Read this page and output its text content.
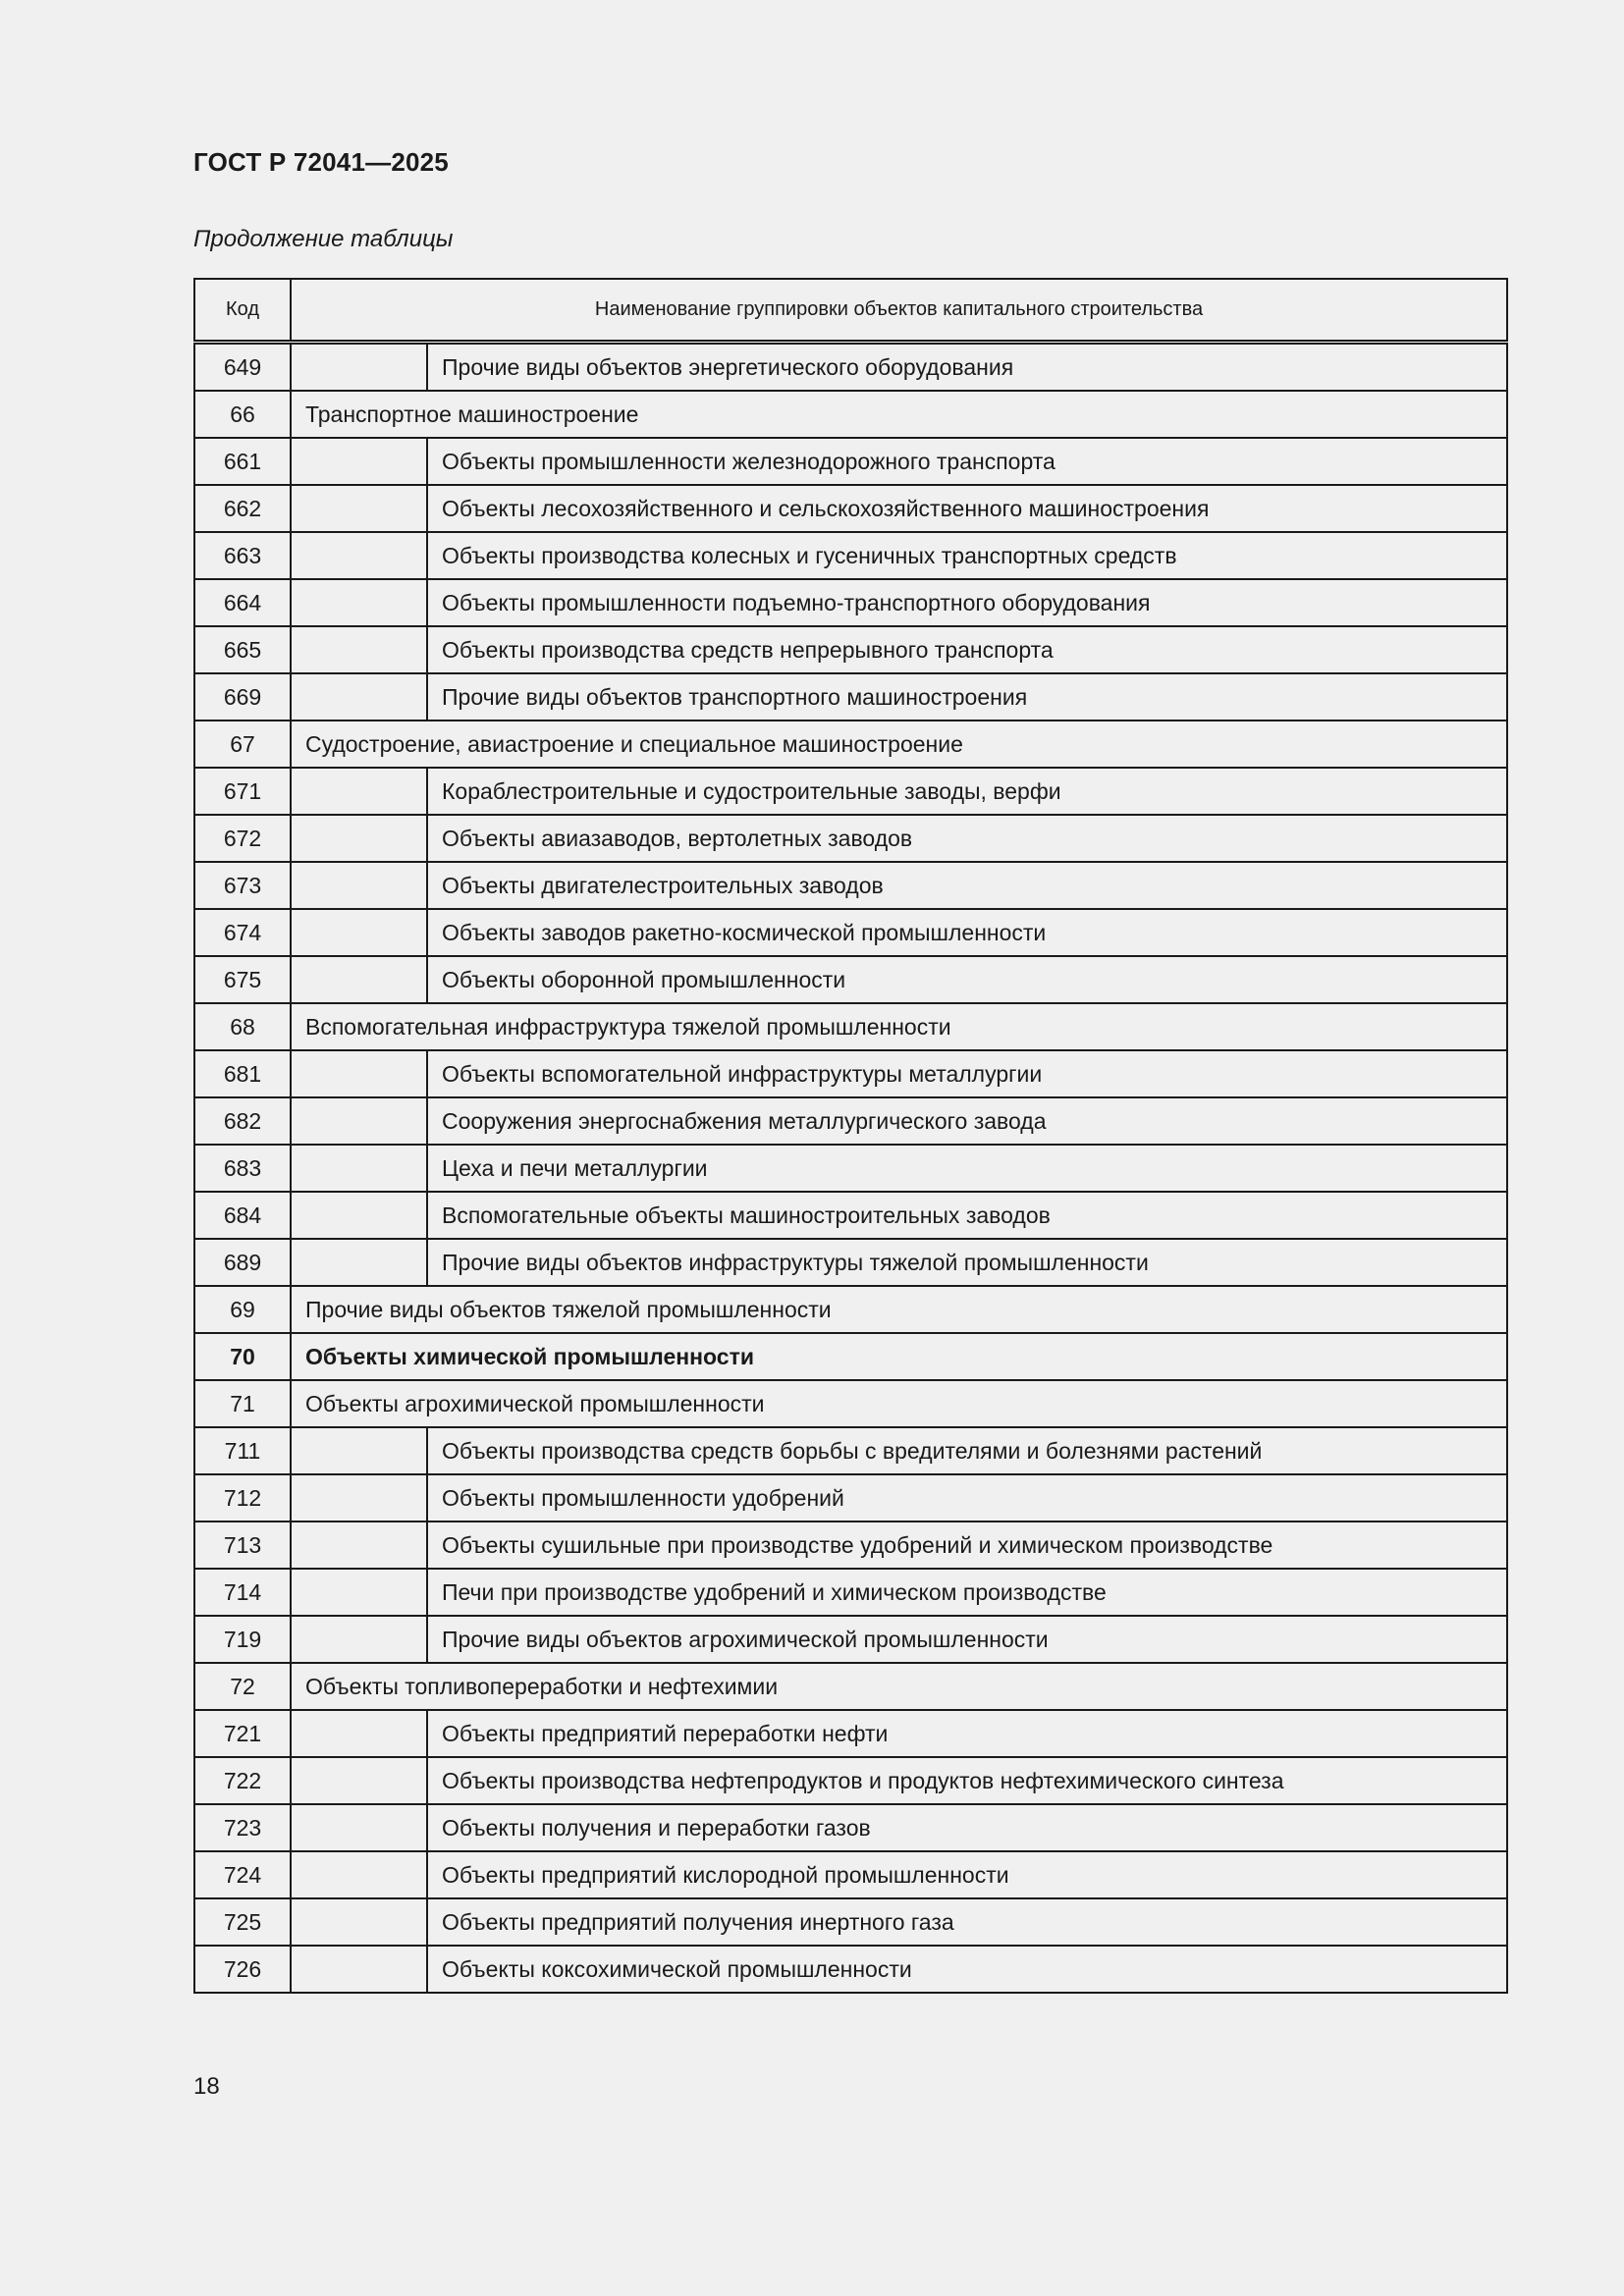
ГОСТ Р 72041—2025
Продолжение таблицы
Код	Наименование группировки объектов капитального строительства	
649		Прочие виды объектов энергетического оборудования
66	Транспортное машиностроение	
661		Объекты промышленности железнодорожного транспорта
662		Объекты лесохозяйственного и сельскохозяйственного машиностроения
663		Объекты производства колесных и гусеничных транспортных средств
664		Объекты промышленности подъемно-транспортного оборудования
665		Объекты производства средств непрерывного транспорта
669		Прочие виды объектов транспортного машиностроения
67	Судостроение, авиастроение и специальное машиностроение	
671		Кораблестроительные и судостроительные заводы, верфи
672		Объекты авиазаводов, вертолетных заводов
673		Объекты двигателестроительных заводов
674		Объекты заводов ракетно-космической промышленности
675		Объекты оборонной промышленности
68	Вспомогательная инфраструктура тяжелой промышленности	
681		Объекты вспомогательной инфраструктуры металлургии
682		Сооружения энергоснабжения металлургического завода
683		Цеха и печи металлургии
684		Вспомогательные объекты машиностроительных заводов
689		Прочие виды объектов инфраструктуры тяжелой промышленности
69	Прочие виды объектов тяжелой промышленности	
70	Объекты химической промышленности	
71	Объекты агрохимической промышленности	
711		Объекты производства средств борьбы с вредителями и болезнями растений
712		Объекты промышленности удобрений
713		Объекты сушильные при производстве удобрений и химическом производстве
714		Печи при производстве удобрений и химическом производстве
719		Прочие виды объектов агрохимической промышленности
72	Объекты топливопереработки и нефтехимии	
721		Объекты предприятий переработки нефти
722		Объекты производства нефтепродуктов и продуктов нефтехимического синтеза
723		Объекты получения и переработки газов
724		Объекты предприятий кислородной промышленности
725		Объекты предприятий получения инертного газа
726		Объекты коксохимической промышленности
18
